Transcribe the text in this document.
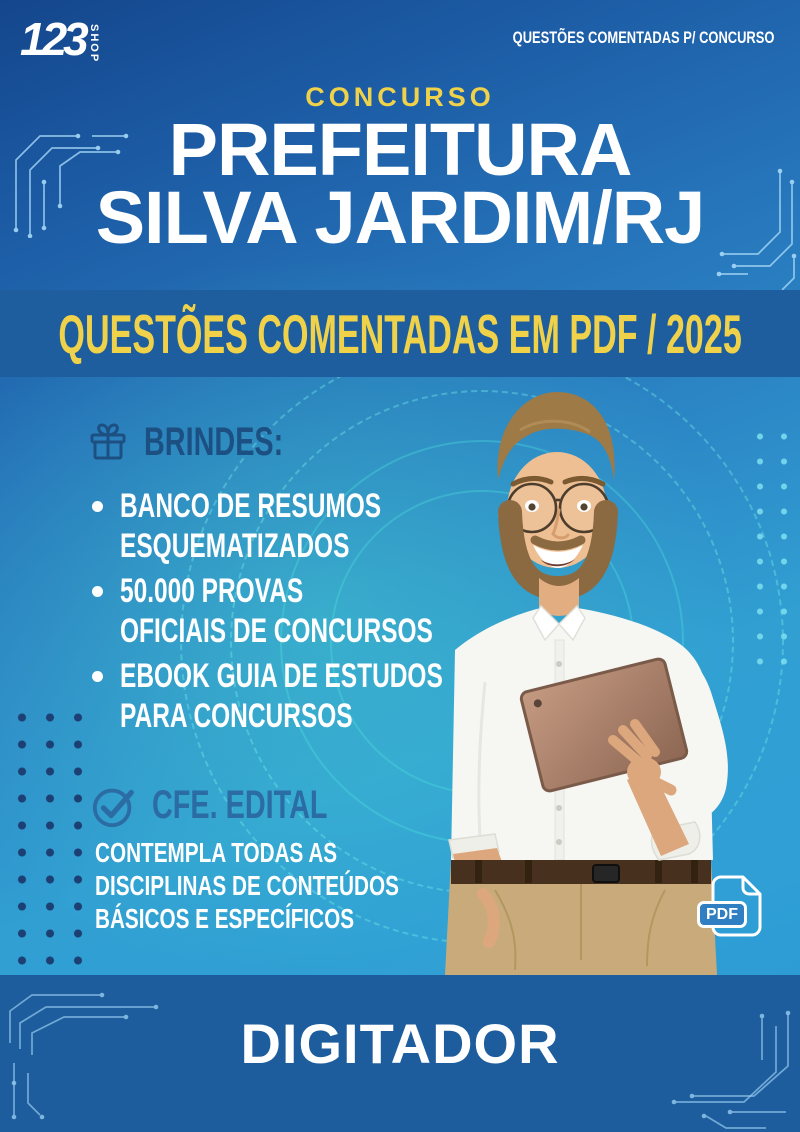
123 SHOP	QUESTÕES COMENTADAS P/ CONCURSO
CONCURSO
PREFEITURA
SILVA JARDIM/RJ
QUESTÕES COMENTADAS EM PDF / 2025
BRINDES:
BANCO DE RESUMOS
ESQUEMATIZADOS
50.000 PROVAS
OFICIAIS DE CONCURSOS
EBOOK GUIA DE ESTUDOS
PARA CONCURSOS
CFE. EDITAL
CONTEMPLA TODAS AS
DISCIPLINAS DE CONTEÚDOS
BÁSICOS E ESPECÍFICOS	PDF
DIGITADOR
